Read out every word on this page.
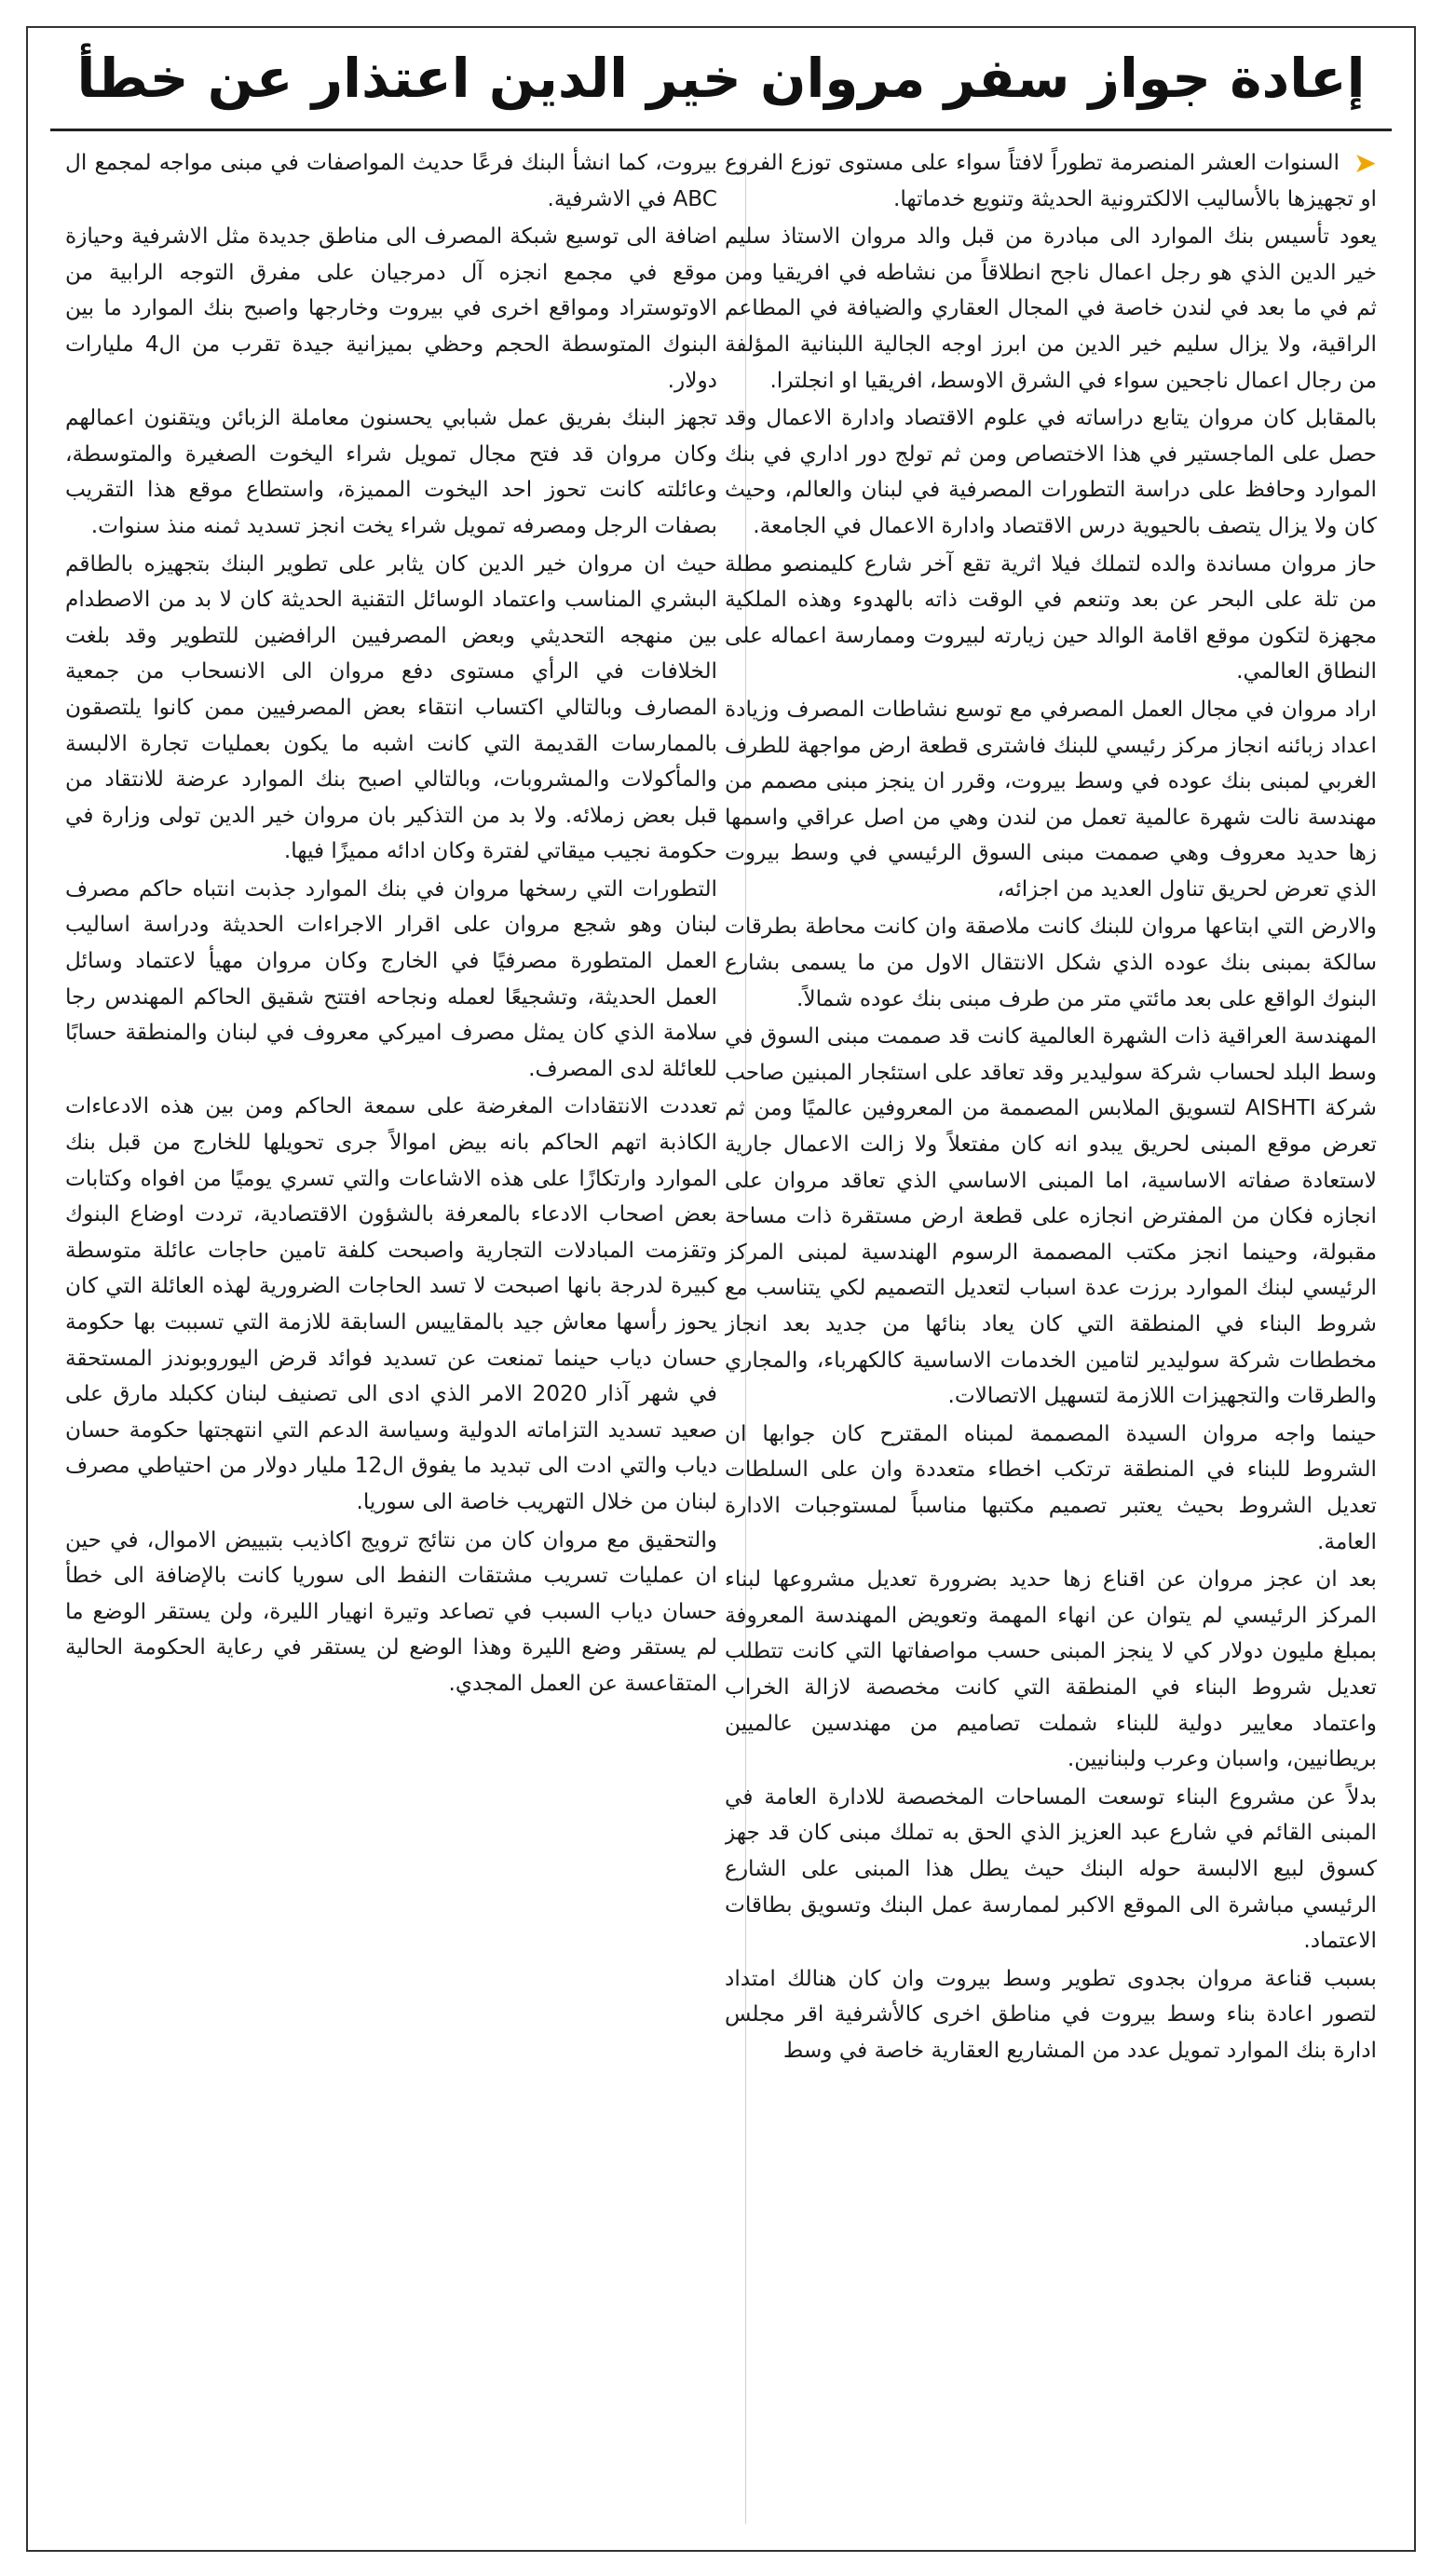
إعادة جواز سفر مروان خير الدين اعتذار عن خطأ

➤السنوات العشر المنصرمة تطوراً لافتاً سواء على مستوى توزع الفروع او تجهيزها بالأساليب الالكترونية الحديثة وتنويع خدماتها.

يعود تأسيس بنك الموارد الى مبادرة من قبل والد مروان الاستاذ سليم خير الدين الذي هو رجل اعمال ناجح انطلاقاً من نشاطه في افريقيا ومن ثم في ما بعد في لندن خاصة في المجال العقاري والضيافة في المطاعم الراقية، ولا يزال سليم خير الدين من ابرز اوجه الجالية اللبنانية المؤلفة من رجال اعمال ناجحين سواء في الشرق الاوسط، افريقيا او انجلترا.

بالمقابل كان مروان يتابع دراساته في علوم الاقتصاد وادارة الاعمال وقد حصل على الماجستير في هذا الاختصاص ومن ثم تولج دور اداري في بنك الموارد وحافظ على دراسة التطورات المصرفية في لبنان والعالم، وحيث كان ولا يزال يتصف بالحيوية درس الاقتصاد وادارة الاعمال في الجامعة.

حاز مروان مساندة والده لتملك فيلا اثرية تقع آخر شارع كليمنصو مطلة من تلة على البحر عن بعد وتنعم في الوقت ذاته بالهدوء وهذه الملكية مجهزة لتكون موقع اقامة الوالد حين زيارته لبيروت وممارسة اعماله على النطاق العالمي.

اراد مروان في مجال العمل المصرفي مع توسع نشاطات المصرف وزيادة اعداد زبائنه انجاز مركز رئيسي للبنك فاشترى قطعة ارض مواجهة للطرف الغربي لمبنى بنك عوده في وسط بيروت، وقرر ان ينجز مبنى مصمم من مهندسة نالت شهرة عالمية تعمل من لندن وهي من اصل عراقي واسمها زها حديد معروف وهي صممت مبنى السوق الرئيسي في وسط بيروت الذي تعرض لحريق تناول العديد من اجزائه،

والارض التي ابتاعها مروان للبنك كانت ملاصقة وان كانت محاطة بطرقات سالكة بمبنى بنك عوده الذي شكل الانتقال الاول من ما يسمى بشارع البنوك الواقع على بعد مائتي متر من طرف مبنى بنك عوده شمالاً.

المهندسة العراقية ذات الشهرة العالمية كانت قد صممت مبنى السوق في وسط البلد لحساب شركة سوليدير وقد تعاقد على استئجار المبنين صاحب شركة AISHTI لتسويق الملابس المصممة من المعروفين عالميًا ومن ثم تعرض موقع المبنى لحريق يبدو انه كان مفتعلاً ولا زالت الاعمال جارية لاستعادة صفاته الاساسية، اما المبنى الاساسي الذي تعاقد مروان على انجازه فكان من المفترض انجازه على قطعة ارض مستقرة ذات مساحة مقبولة، وحينما انجز مكتب المصممة الرسوم الهندسية لمبنى المركز الرئيسي لبنك الموارد برزت عدة اسباب لتعديل التصميم لكي يتناسب مع شروط البناء في المنطقة التي كان يعاد بنائها من جديد بعد انجاز مخططات شركة سوليدير لتامين الخدمات الاساسية كالكهرباء، والمجاري والطرقات والتجهيزات اللازمة لتسهيل الاتصالات.

حينما واجه مروان السيدة المصممة لمبناه المقترح كان جوابها ان الشروط للبناء في المنطقة ترتكب اخطاء متعددة وان على السلطات تعديل الشروط بحيث يعتبر تصميم مكتبها مناسباً لمستوجبات الادارة العامة.

بعد ان عجز مروان عن اقناع زها حديد بضرورة تعديل مشروعها لبناء المركز الرئيسي لم يتوان عن انهاء المهمة وتعويض المهندسة المعروفة بمبلغ مليون دولار كي لا ينجز المبنى حسب مواصفاتها التي كانت تتطلب تعديل شروط البناء في المنطقة التي كانت مخصصة لازالة الخراب واعتماد معايير دولية للبناء شملت تصاميم من مهندسين عالميين بريطانيين، واسبان وعرب ولبنانيين.

بدلاً عن مشروع البناء توسعت المساحات المخصصة للادارة العامة في المبنى القائم في شارع عبد العزيز الذي الحق به تملك مبنى كان قد جهز كسوق لبيع الالبسة حوله البنك حيث يطل هذا المبنى على الشارع الرئيسي مباشرة الى الموقع الاكبر لممارسة عمل البنك وتسويق بطاقات الاعتماد.

بسبب قناعة مروان بجدوى تطوير وسط بيروت وان كان هنالك امتداد لتصور اعادة بناء وسط بيروت في مناطق اخرى كالأشرفية اقر مجلس ادارة بنك الموارد تمويل عدد من المشاريع العقارية خاصة في وسط

بيروت، كما انشأ البنك فرعًا حديث المواصفات في مبنى مواجه لمجمع ال ABC في الاشرفية.

اضافة الى توسيع شبكة المصرف الى مناطق جديدة مثل الاشرفية وحيازة موقع في مجمع انجزه آل دمرجيان على مفرق التوجه الرابية من الاوتوستراد ومواقع اخرى في بيروت وخارجها واصبح بنك الموارد ما بين البنوك المتوسطة الحجم وحظي بميزانية جيدة تقرب من ال4 مليارات دولار.

تجهز البنك بفريق عمل شبابي يحسنون معاملة الزبائن ويتقنون اعمالهم وكان مروان قد فتح مجال تمويل شراء اليخوت الصغيرة والمتوسطة، وعائلته كانت تحوز احد اليخوت المميزة، واستطاع موقع هذا التقريب بصفات الرجل ومصرفه تمويل شراء يخت انجز تسديد ثمنه منذ سنوات.

حيث ان مروان خير الدين كان يثابر على تطوير البنك بتجهيزه بالطاقم البشري المناسب واعتماد الوسائل التقنية الحديثة كان لا بد من الاصطدام بين منهجه التحديثي وبعض المصرفيين الرافضين للتطوير وقد بلغت الخلافات في الرأي مستوى دفع مروان الى الانسحاب من جمعية المصارف وبالتالي اكتساب انتقاء بعض المصرفيين ممن كانوا يلتصقون بالممارسات القديمة التي كانت اشبه ما يكون بعمليات تجارة الالبسة والمأكولات والمشروبات، وبالتالي اصبح بنك الموارد عرضة للانتقاد من قبل بعض زملائه. ولا بد من التذكير بان مروان خير الدين تولى وزارة في حكومة نجيب ميقاتي لفترة وكان ادائه مميزًا فيها.

التطورات التي رسخها مروان في بنك الموارد جذبت انتباه حاكم مصرف لبنان وهو شجع مروان على اقرار الاجراءات الحديثة ودراسة اساليب العمل المتطورة مصرفيًا في الخارج وكان مروان مهيأ لاعتماد وسائل العمل الحديثة، وتشجيعًا لعمله ونجاحه افتتح شقيق الحاكم المهندس رجا سلامة الذي كان يمثل مصرف اميركي معروف في لبنان والمنطقة حسابًا للعائلة لدى المصرف.

تعددت الانتقادات المغرضة على سمعة الحاكم ومن بين هذه الادعاءات الكاذبة اتهم الحاكم بانه بيض اموالاً جرى تحويلها للخارج من قبل بنك الموارد وارتكازًا على هذه الاشاعات والتي تسري يوميًا من افواه وكتابات بعض اصحاب الادعاء بالمعرفة بالشؤون الاقتصادية، تردت اوضاع البنوك وتقزمت المبادلات التجارية واصبحت كلفة تامين حاجات عائلة متوسطة كبيرة لدرجة بانها اصبحت لا تسد الحاجات الضرورية لهذه العائلة التي كان يحوز رأسها معاش جيد بالمقاييس السابقة للازمة التي تسببت بها حكومة حسان دياب حينما تمنعت عن تسديد فوائد قرض اليوروبوندز المستحقة في شهر آذار 2020 الامر الذي ادى الى تصنيف لبنان ككبلد مارق على صعيد تسديد التزاماته الدولية وسياسة الدعم التي انتهجتها حكومة حسان دياب والتي ادت الى تبديد ما يفوق ال12 مليار دولار من احتياطي مصرف لبنان من خلال التهريب خاصة الى سوريا.

والتحقيق مع مروان كان من نتائج ترويج اكاذيب بتبييض الاموال، في حين ان عمليات تسريب مشتقات النفط الى سوريا كانت بالإضافة الى خطأ حسان دياب السبب في تصاعد وتيرة انهيار الليرة، ولن يستقر الوضع ما لم يستقر وضع الليرة وهذا الوضع لن يستقر في رعاية الحكومة الحالية المتقاعسة عن العمل المجدي.
